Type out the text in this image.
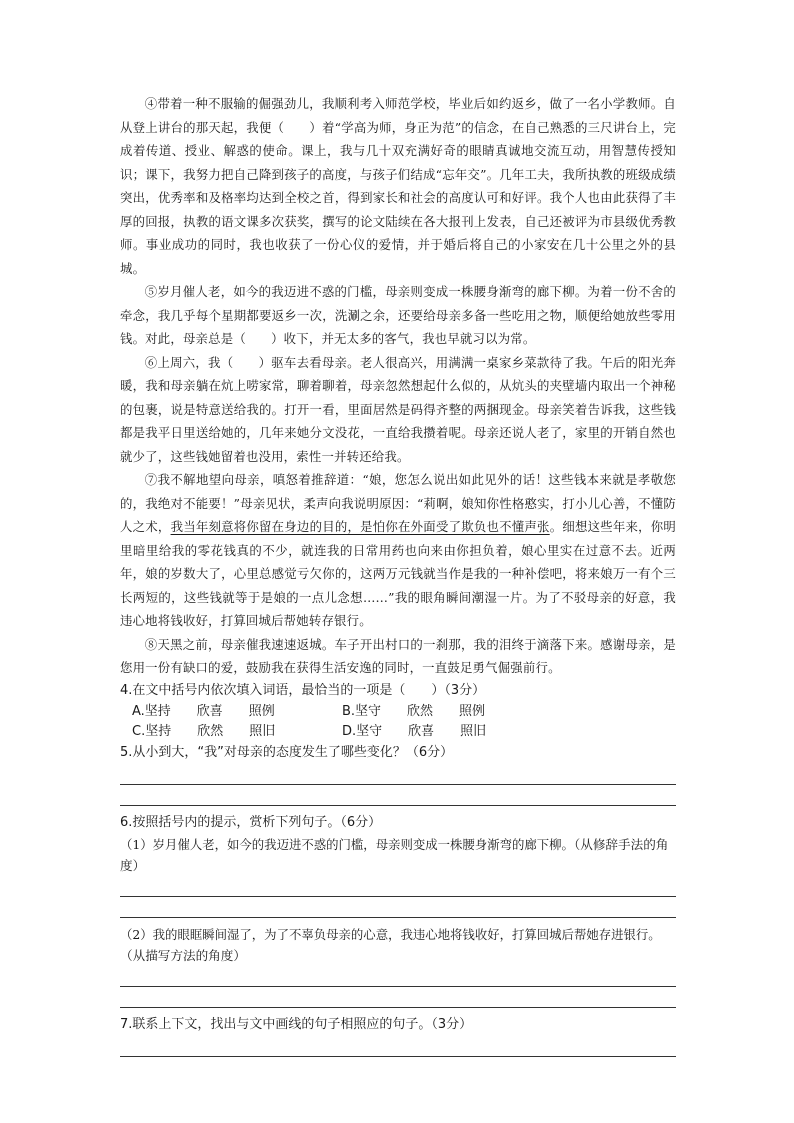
④带着一种不服输的倔强劲儿，我顺利考入师范学校，毕业后如约返乡，做了一名小学教师。自从登上讲台的那天起，我便（　　）着“学高为师，身正为范”的信念，在自己熟悉的三尺讲台上，完成着传道、授业、解惑的使命。课上，我与几十双充满好奇的眼睛真诚地交流互动，用智慧传授知识；课下，我努力把自己降到孩子的高度，与孩子们结成“忘年交”。几年工夫，我所执教的班级成绩突出，优秀率和及格率均达到全校之首，得到家长和社会的高度认可和好评。我个人也由此获得了丰厚的回报，执教的语文课多次获奖，撰写的论文陆续在各大报刊上发表，自己还被评为市县级优秀教师。事业成功的同时，我也收获了一份心仪的爱情，并于婚后将自己的小家安在几十公里之外的县城。

⑤岁月催人老，如今的我迈进不惑的门槛，母亲则变成一株腰身渐弯的廊下柳。为着一份不舍的牵念，我几乎每个星期都要返乡一次，洗涮之余，还要给母亲多备一些吃用之物，顺便给她放些零用钱。对此，母亲总是（　　）收下，并无太多的客气，我也早就习以为常。

⑥上周六，我（　　）驱车去看母亲。老人很高兴，用满满一桌家乡菜款待了我。午后的阳光奔暖，我和母亲躺在炕上唠家常，聊着聊着，母亲忽然想起什么似的，从炕头的夹壁墙内取出一个神秘的包裹，说是特意送给我的。打开一看，里面居然是码得齐整的两捆现金。母亲笑着告诉我，这些钱都是我平日里送给她的，几年来她分文没花，一直给我攒着呢。母亲还说人老了，家里的开销自然也就少了，这些钱她留着也没用，索性一并转还给我。

⑦我不解地望向母亲，嗔怒着推辞道：“娘，您怎么说出如此见外的话！这些钱本来就是孝敬您的，我绝对不能要！”母亲见状，柔声向我说明原因：“莉啊，娘知你性格憨实，打小儿心善，不懂防人之术，我当年刻意将你留在身边的目的，是怕你在外面受了欺负也不懂声张。细想这些年来，你明里暗里给我的零花钱真的不少，就连我的日常用药也向来由你担负着，娘心里实在过意不去。近两年，娘的岁数大了，心里总感觉亏欠你的，这两万元钱就当作是我的一种补偿吧，将来娘万一有个三长两短的，这些钱就等于是娘的一点儿念想……”我的眼角瞬间潮湿一片。为了不驳母亲的好意，我违心地将钱收好，打算回城后帮她转存银行。

⑧天黑之前，母亲催我速速返城。车子开出村口的一刹那，我的泪终于滴落下来。感谢母亲，是您用一份有缺口的爱，鼓励我在获得生活安逸的同时，一直鼓足勇气倔强前行。

4.在文中括号内依次填入词语，最恰当的一项是（　　）（3分）

A.坚持　　欣喜　　照例	B.坚守　　欣然　　照例
C.坚持　　欣然　　照旧	D.坚守　　欣喜　　照旧

5.从小到大，“我”对母亲的态度发生了哪些变化？（6分）

6.按照括号内的提示，赏析下列句子。（6分）

（1）岁月催人老，如今的我迈进不惑的门槛，母亲则变成一株腰身渐弯的廊下柳。（从修辞手法的角度）

（2）我的眼眶瞬间湿了，为了不辜负母亲的心意，我违心地将钱收好，打算回城后帮她存进银行。（从描写方法的角度）

7.联系上下文，找出与文中画线的句子相照应的句子。（3分）
